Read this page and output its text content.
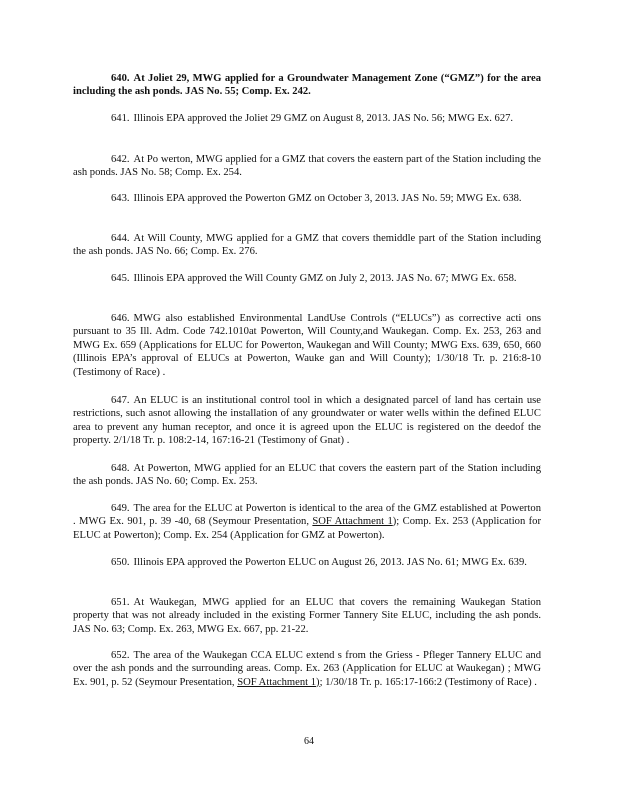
640. At Joliet 29, MWG applied for a Groundwater Management Zone (“GMZ”) for the area including the ash ponds. JAS No. 55; Comp. Ex. 242.

641. Illinois EPA approved the Joliet 29 GMZ on August 8, 2013. JAS No. 56; MWG Ex. 627.

642. At Po werton, MWG applied for a GMZ that covers the eastern part of the Station including the ash ponds. JAS No. 58; Comp. Ex. 254.

643. Illinois EPA approved the Powerton GMZ on October 3, 2013. JAS No. 59; MWG Ex. 638.

644. At Will County, MWG applied for a GMZ that covers themiddle part of the Station including the ash ponds. JAS No. 66; Comp. Ex. 276.

645. Illinois EPA approved the Will County GMZ on July 2, 2013. JAS No. 67; MWG Ex. 658.

646. MWG also established Environmental LandUse Controls (“ELUCs”) as corrective acti ons pursuant to 35 Ill. Adm. Code 742.1010at Powerton, Will County,and Waukegan. Comp. Ex. 253, 263 and MWG Ex. 659 (Applications for ELUC for Powerton, Waukegan and Will County; MWG Exs. 639, 650, 660 (Illinois EPA’s approval of ELUCs at Powerton, Wauke gan and Will County); 1/30/18 Tr. p. 216:8-10 (Testimony of Race) .

647. An ELUC is an institutional control tool in which a designated parcel of land has certain use restrictions, such asnot allowing the installation of any groundwater or water wells within the defined ELUC area to prevent any human receptor, and once it is agreed upon the ELUC is registered on the deedof the property. 2/1/18 Tr. p. 108:2-14, 167:16-21 (Testimony of Gnat) .

648. At Powerton, MWG applied for an ELUC that covers the eastern part of the Station including the ash ponds. JAS No. 60; Comp. Ex. 253.

649. The area for the ELUC at Powerton is identical to the area of the GMZ established at Powerton . MWG Ex. 901, p. 39 -40, 68 (Seymour Presentation, SOF Attachment 1); Comp. Ex. 253 (Application for ELUC at Powerton); Comp. Ex. 254 (Application for GMZ at Powerton).

650. Illinois EPA approved the Powerton ELUC on August 26, 2013. JAS No. 61; MWG Ex. 639.

651. At Waukegan, MWG applied for an ELUC that covers the remaining Waukegan Station property that was not already included in the existing Former Tannery Site ELUC, including the ash ponds. JAS No. 63; Comp. Ex. 263, MWG Ex. 667, pp. 21-22.

652. The area of the Waukegan CCA ELUC extend s from the Griess - Pfleger Tannery ELUC and over the ash ponds and the surrounding areas. Comp. Ex. 263 (Application for ELUC at Waukegan) ; MWG Ex. 901, p. 52 (Seymour Presentation, SOF Attachment 1); 1/30/18 Tr. p. 165:17-166:2 (Testimony of Race) .

64
